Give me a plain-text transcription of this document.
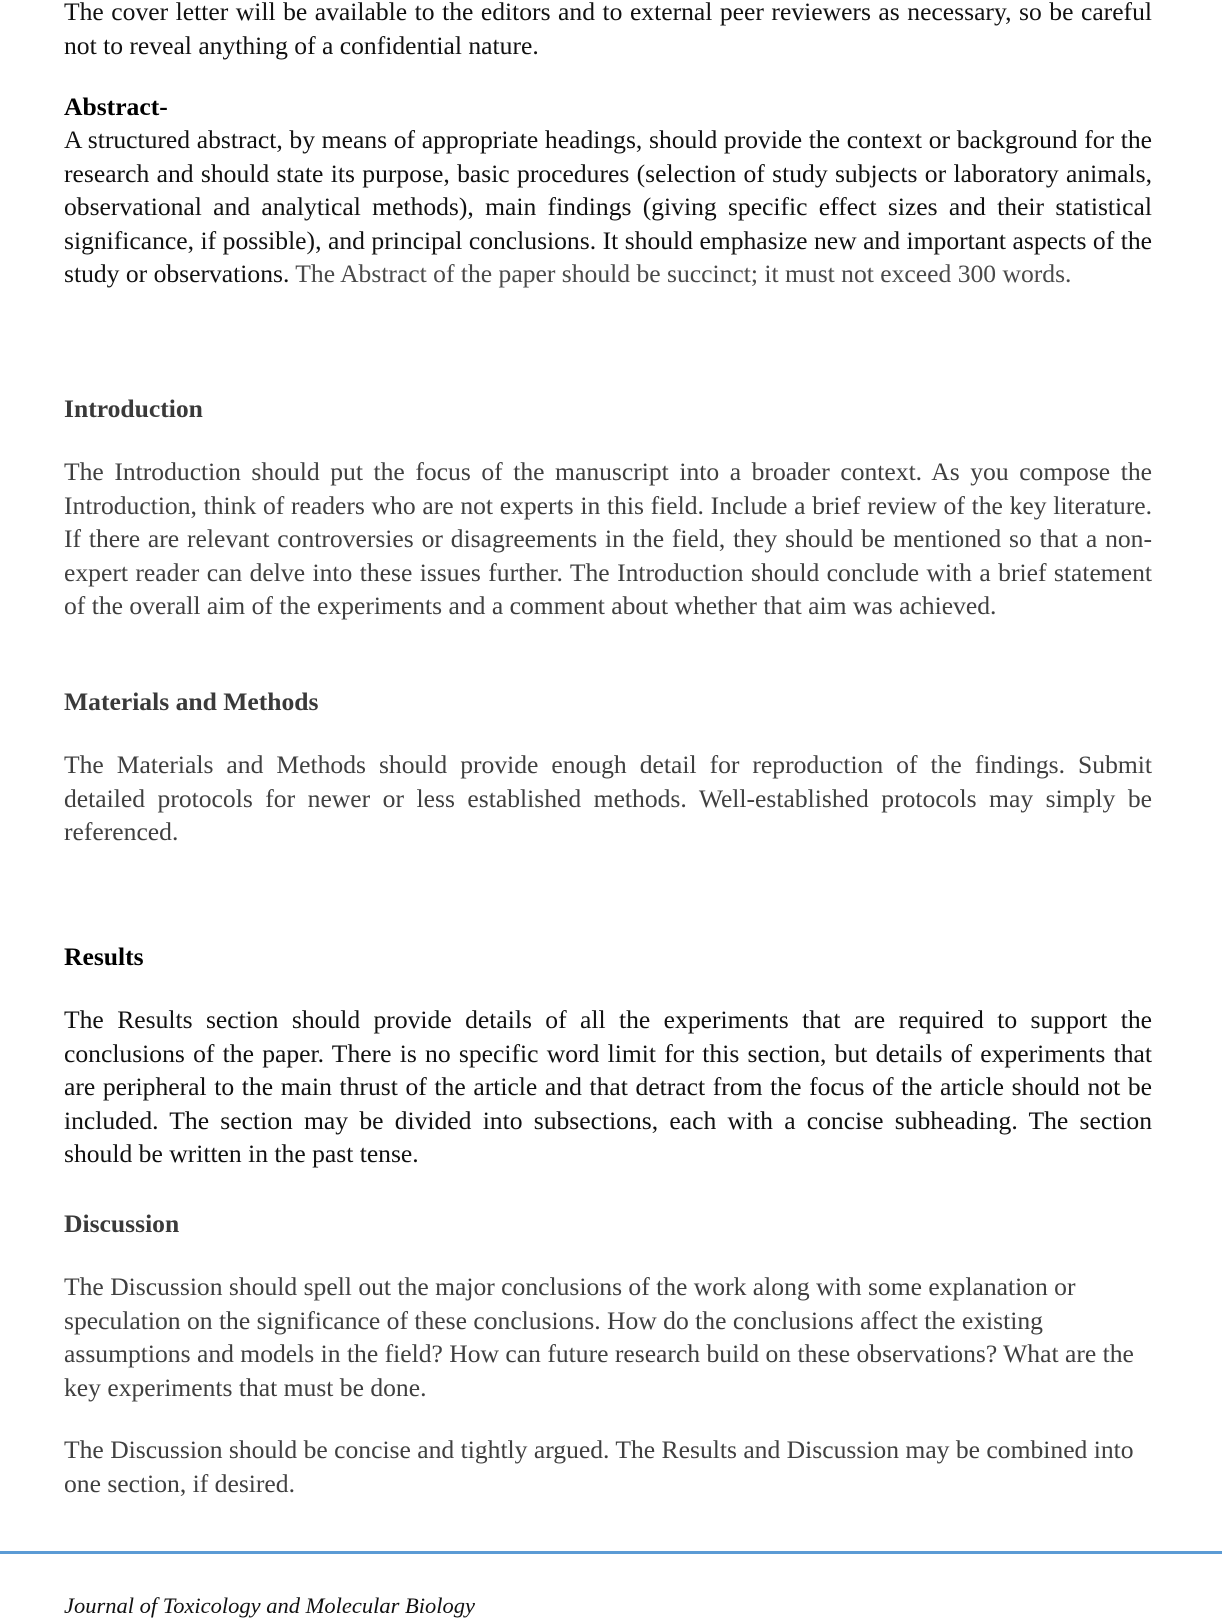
The cover letter will be available to the editors and to external peer reviewers as necessary, so be careful not to reveal anything of a confidential nature.

Abstract-

A structured abstract, by means of appropriate headings, should provide the context or background for the research and should state its purpose, basic procedures (selection of study subjects or laboratory animals, observational and analytical methods), main findings (giving specific effect sizes and their statistical significance, if possible), and principal conclusions. It should emphasize new and important aspects of the study or observations. The Abstract of the paper should be succinct; it must not exceed 300 words.

Introduction

The Introduction should put the focus of the manuscript into a broader context. As you compose the Introduction, think of readers who are not experts in this field. Include a brief review of the key literature. If there are relevant controversies or disagreements in the field, they should be mentioned so that a non-expert reader can delve into these issues further. The Introduction should conclude with a brief statement of the overall aim of the experiments and a comment about whether that aim was achieved.

Materials and Methods

The Materials and Methods should provide enough detail for reproduction of the findings. Submit detailed protocols for newer or less established methods. Well-established protocols may simply be referenced.

Results

The Results section should provide details of all the experiments that are required to support the conclusions of the paper. There is no specific word limit for this section, but details of experiments that are peripheral to the main thrust of the article and that detract from the focus of the article should not be included. The section may be divided into subsections, each with a concise subheading. The section should be written in the past tense.

Discussion

The Discussion should spell out the major conclusions of the work along with some explanation or speculation on the significance of these conclusions. How do the conclusions affect the existing assumptions and models in the field? How can future research build on these observations? What are the key experiments that must be done.

The Discussion should be concise and tightly argued. The Results and Discussion may be combined into one section, if desired.

Journal of Toxicology and Molecular Biology
